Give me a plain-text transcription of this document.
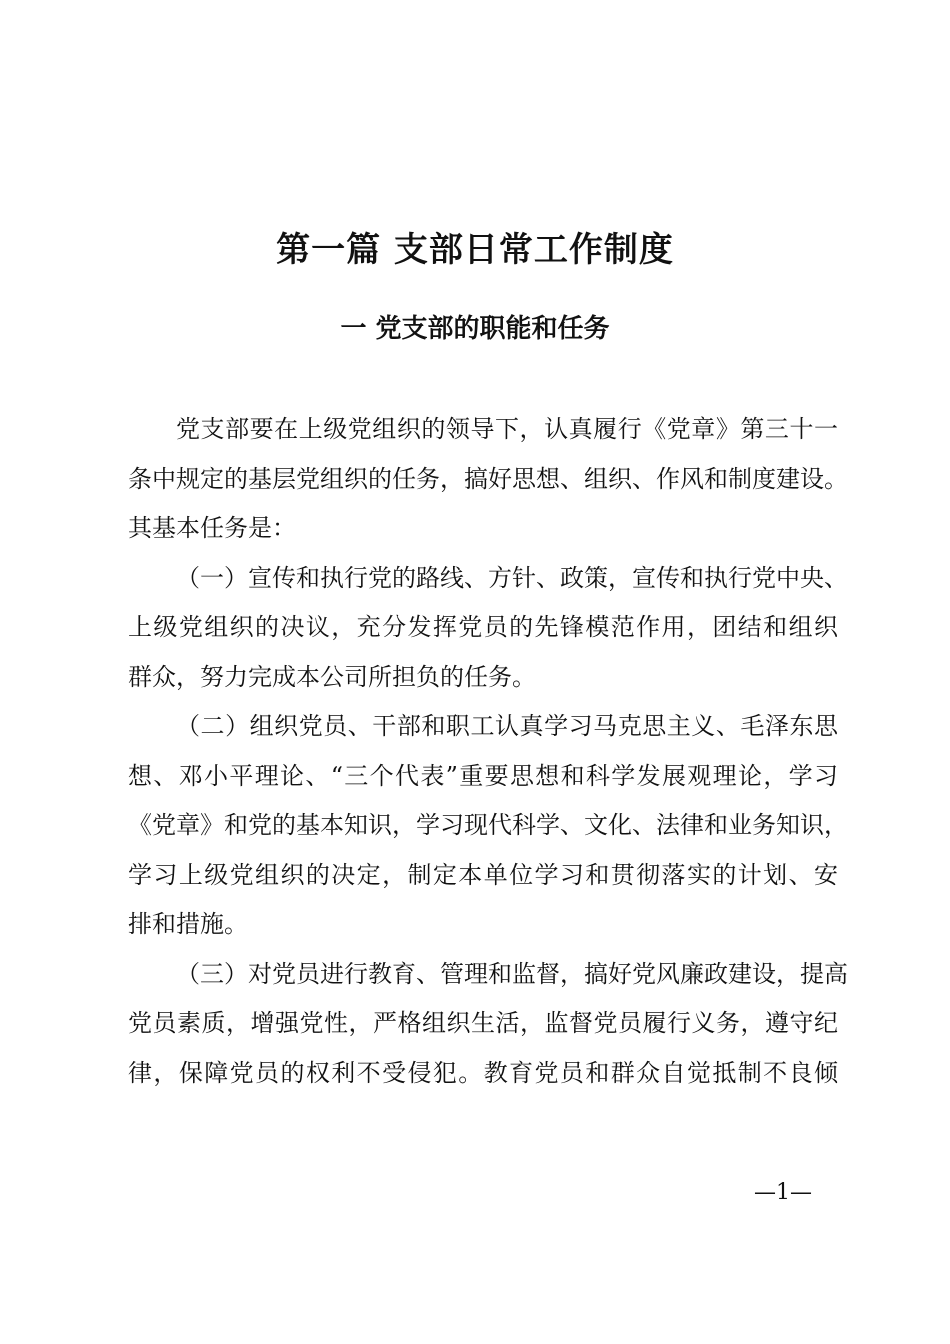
第一篇 支部日常工作制度
一 党支部的职能和任务
党支部要在上级党组织的领导下，认真履行《党章》第三十一
条中规定的基层党组织的任务，搞好思想、组织、作风和制度建设。
其基本任务是：
（一）宣传和执行党的路线、方针、政策，宣传和执行党中央、
上级党组织的决议，充分发挥党员的先锋模范作用，团结和组织
群众，努力完成本公司所担负的任务。
（二）组织党员、干部和职工认真学习马克思主义、毛泽东思
想、邓小平理论、“三个代表”重要思想和科学发展观理论，学习
《党章》和党的基本知识，学习现代科学、文化、法律和业务知识，
学习上级党组织的决定，制定本单位学习和贯彻落实的计划、安
排和措施。
（三）对党员进行教育、管理和监督，搞好党风廉政建设，提高
党员素质，增强党性，严格组织生活，监督党员履行义务，遵守纪
律，保障党员的权利不受侵犯。教育党员和群众自觉抵制不良倾
—1—
